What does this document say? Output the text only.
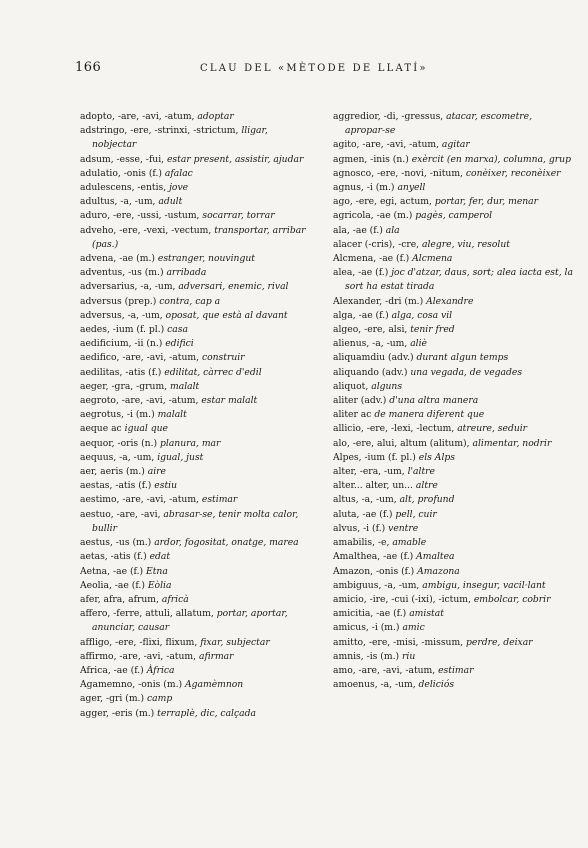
166	CLAU DEL «MÈTODE DE LLATÍ»
adopto, -are, -avi, -atum, adoptar
adstringo, -ere, -strinxi, -strictum, lligar, nobjectar
adsum, -esse, -fui, estar present, assistir, ajudar
adulatio, -onis (f.) afalac
adulescens, -entis, jove
adultus, -a, -um, adult
aduro, -ere, -ussi, -ustum, socarrar, torrar
adveho, -ere, -vexi, -vectum, transportar, arribar (pas.)
advena, -ae (m.) estranger, nouvingut
adventus, -us (m.) arribada
adversarius, -a, -um, adversari, enemic, rival
adversus (prep.) contra, cap a
adversus, -a, -um, oposat, que està al davant
aedes, -ium (f. pl.) casa
aedificium, -ii (n.) edifici
aedifico, -are, -avi, -atum, construir
aedilitas, -atis (f.) edilitat, càrrec d'edil
aeger, -gra, -grum, malalt
aegroto, -are, -avi, -atum, estar malalt
aegrotus, -i (m.) malalt
aeque ac igual que
aequor, -oris (n.) planura, mar
aequus, -a, -um, igual, just
aer, aeris (m.) aire
aestas, -atis (f.) estiu
aestimo, -are, -avi, -atum, estimar
aestuo, -are, -avi, abrasar-se, tenir molta calor, bullir
aestus, -us (m.) ardor, fogositat, onatge, marea
aetas, -atis (f.) edat
Aetna, -ae (f.) Etna
Aeolia, -ae (f.) Eòlia
afer, afra, afrum, africà
affero, -ferre, attuli, allatum, portar, aportar, anunciar, causar
affligo, -ere, -flixi, flixum, fixar, subjectar
affirmo, -are, -avi, -atum, afirmar
Africa, -ae (f.) Àfrica
Agamemno, -onis (m.) Agamèmnon
ager, -gri (m.) camp
agger, -eris (m.) terraplè, dic, calçada
aggredior, -di, -gressus, atacar, escometre, apropar-se
agito, -are, -avi, -atum, agitar
agmen, -inis (n.) exèrcit (en marxa), columna, grup
agnosco, -ere, -novi, -nitum, conèixer, reconèixer
agnus, -i (m.) anyell
ago, -ere, egi, actum, portar, fer, dur, menar
agricola, -ae (m.) pagès, camperol
ala, -ae (f.) ala
alacer (-cris), -cre, alegre, viu, resolut
Alcmena, -ae (f.) Alcmena
alea, -ae (f.) joc d'atzar, daus, sort; alea iacta est, la sort ha estat tirada
Alexander, -dri (m.) Alexandre
alga, -ae (f.) alga, cosa vil
algeo, -ere, alsi, tenir fred
alienus, -a, -um, aliè
aliquamdiu (adv.) durant algun temps
aliquando (adv.) una vegada, de vegades
aliquot, alguns
aliter (adv.) d'una altra manera
aliter ac de manera diferent que
allicio, -ere, -lexi, -lectum, atreure, seduir
alo, -ere, alui, altum (alitum), alimentar, nodrir
Alpes, -ium (f. pl.) els Alps
alter, -era, -um, l'altre
alter... alter, un... altre
altus, -a, -um, alt, profund
aluta, -ae (f.) pell, cuir
alvus, -i (f.) ventre
amabilis, -e, amable
Amalthea, -ae (f.) Amaltea
Amazon, -onis (f.) Amazona
ambiguus, -a, -um, ambigu, insegur, vacil·lant
amicio, -ire, -cui (-ixi), -ictum, embolcar, cobrir
amicitia, -ae (f.) amistat
amicus, -i (m.) amic
amitto, -ere, -misi, -missum, perdre, deixar
amnis, -is (m.) riu
amo, -are, -avi, -atum, estimar
amoenus, -a, -um, deliciós
